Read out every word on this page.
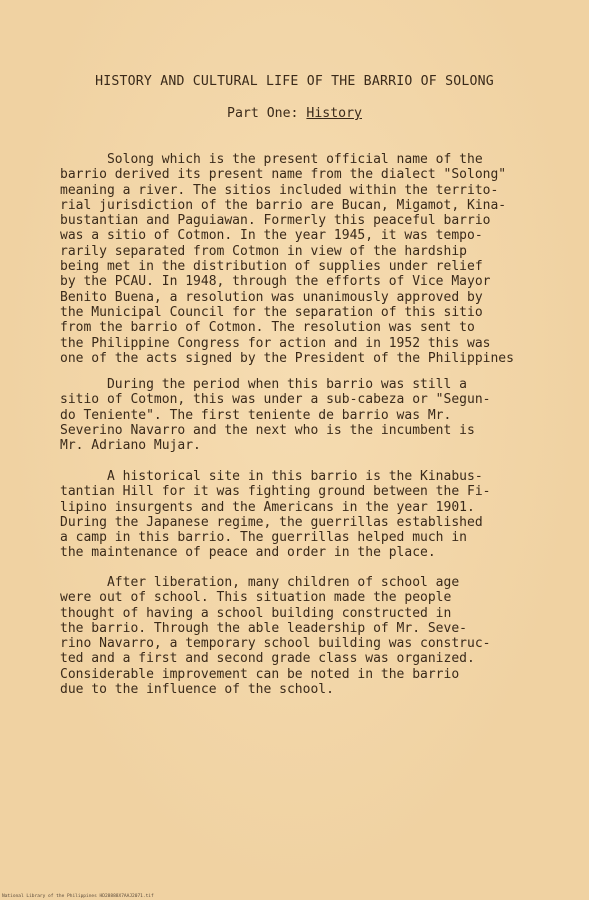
HISTORY AND CULTURAL LIFE OF THE BARRIO OF SOLONG
Part One: History
Solong which is the present official name of the
barrio derived its present name from the dialect "Solong"
meaning a river. The sitios included within the territo-
rial jurisdiction of the barrio are Bucan, Migamot, Kina-
bustantian and Paguiawan. Formerly this peaceful barrio
was a sitio of Cotmon. In the year 1945, it was tempo-
rarily separated from Cotmon in view of the hardship
being met in the distribution of supplies under relief
by the PCAU. In 1948, through the efforts of Vice Mayor
Benito Buena, a resolution was unanimously approved by
the Municipal Council for the separation of this sitio
from the barrio of Cotmon. The resolution was sent to
the Philippine Congress for action and in 1952 this was
one of the acts signed by the President of the Philippines
During the period when this barrio was still a
sitio of Cotmon, this was under a sub-cabeza or "Segun-
do Teniente". The first teniente de barrio was Mr.
Severino Navarro and the next who is the incumbent is
Mr. Adriano Mujar.
A historical site in this barrio is the Kinabus-
tantian Hill for it was fighting ground between the Fi-
lipino insurgents and the Americans in the year 1901.
During the Japanese regime, the guerrillas established
a camp in this barrio. The guerrillas helped much in
the maintenance of peace and order in the place.
After liberation, many children of school age
were out of school. This situation made the people
thought of having a school building constructed in
the barrio. Through the able leadership of Mr. Seve-
rino Navarro, a temporary school building was construc-
ted and a first and second grade class was organized.
Considerable improvement can be noted in the barrio
due to the influence of the school.
National Library of the Philippines HD28888X7AAJ2071.tif
